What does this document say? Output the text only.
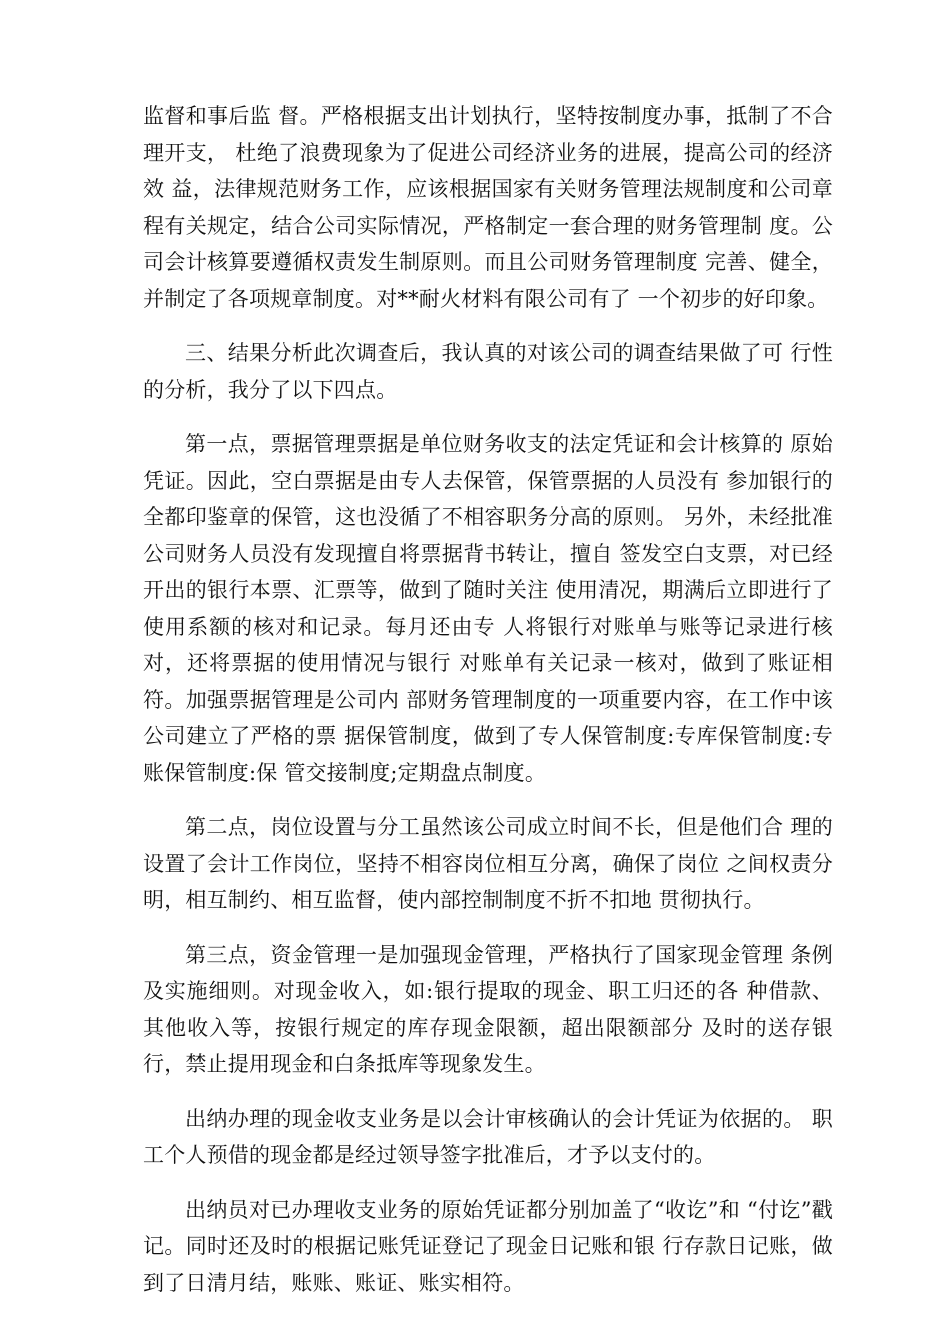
监督和事后监 督。严格根据支出计划执行，坚特按制度办事，抵制了不合理开支， 杜绝了浪费现象为了促进公司经济业务的进展，提高公司的经济效 益，法律规范财务工作，应该根据国家有关财务管理法规制度和公司章 程有关规定，结合公司实际情况，严格制定一套合理的财务管理制 度。公司会计核算要遵循权责发生制原则。而且公司财务管理制度 完善、健全，并制定了各项规章制度。对**耐火材料有限公司有了 一个初步的好印象。

三、结果分析此次调查后，我认真的对该公司的调查结果做了可 行性的分析，我分了以下四点。

第一点，票据管理票据是单位财务收支的法定凭证和会计核算的 原始凭证。因此，空白票据是由专人去保管，保管票据的人员没有 参加银行的全都印鉴章的保管，这也没循了不相容职务分高的原则。 另外，未经批准公司财务人员没有发现擅自将票据背书转让，擅自 签发空白支票，对已经开出的银行本票、汇票等，做到了随时关注 使用清况，期满后立即进行了使用系额的核对和记录。每月还由专 人将银行对账单与账等记录进行核对，还将票据的使用情况与银行 对账单有关记录一核对，做到了账证相符。加强票据管理是公司内 部财务管理制度的一项重要内容，在工作中该公司建立了严格的票 据保管制度，做到了专人保管制度:专库保管制度:专账保管制度:保 管交接制度;定期盘点制度。

第二点，岗位设置与分工虽然该公司成立时间不长，但是他们合 理的设置了会计工作岗位，坚持不相容岗位相互分离，确保了岗位 之间权责分明，相互制约、相互监督，使内部控制制度不折不扣地 贯彻执行。

第三点，资金管理一是加强现金管理，严格执行了国家现金管理 条例及实施细则。对现金收入，如:银行提取的现金、职工归还的各 种借款、其他收入等，按银行规定的库存现金限额，超出限额部分 及时的送存银行，禁止提用现金和白条抵库等现象发生。

出纳办理的现金收支业务是以会计审核确认的会计凭证为依据的。 职工个人预借的现金都是经过领导签字批准后，才予以支付的。

出纳员对已办理收支业务的原始凭证都分别加盖了“收讫”和 “付讫”戳记。同时还及时的根据记账凭证登记了现金日记账和银 行存款日记账，做到了日清月结，账账、账证、账实相符。
